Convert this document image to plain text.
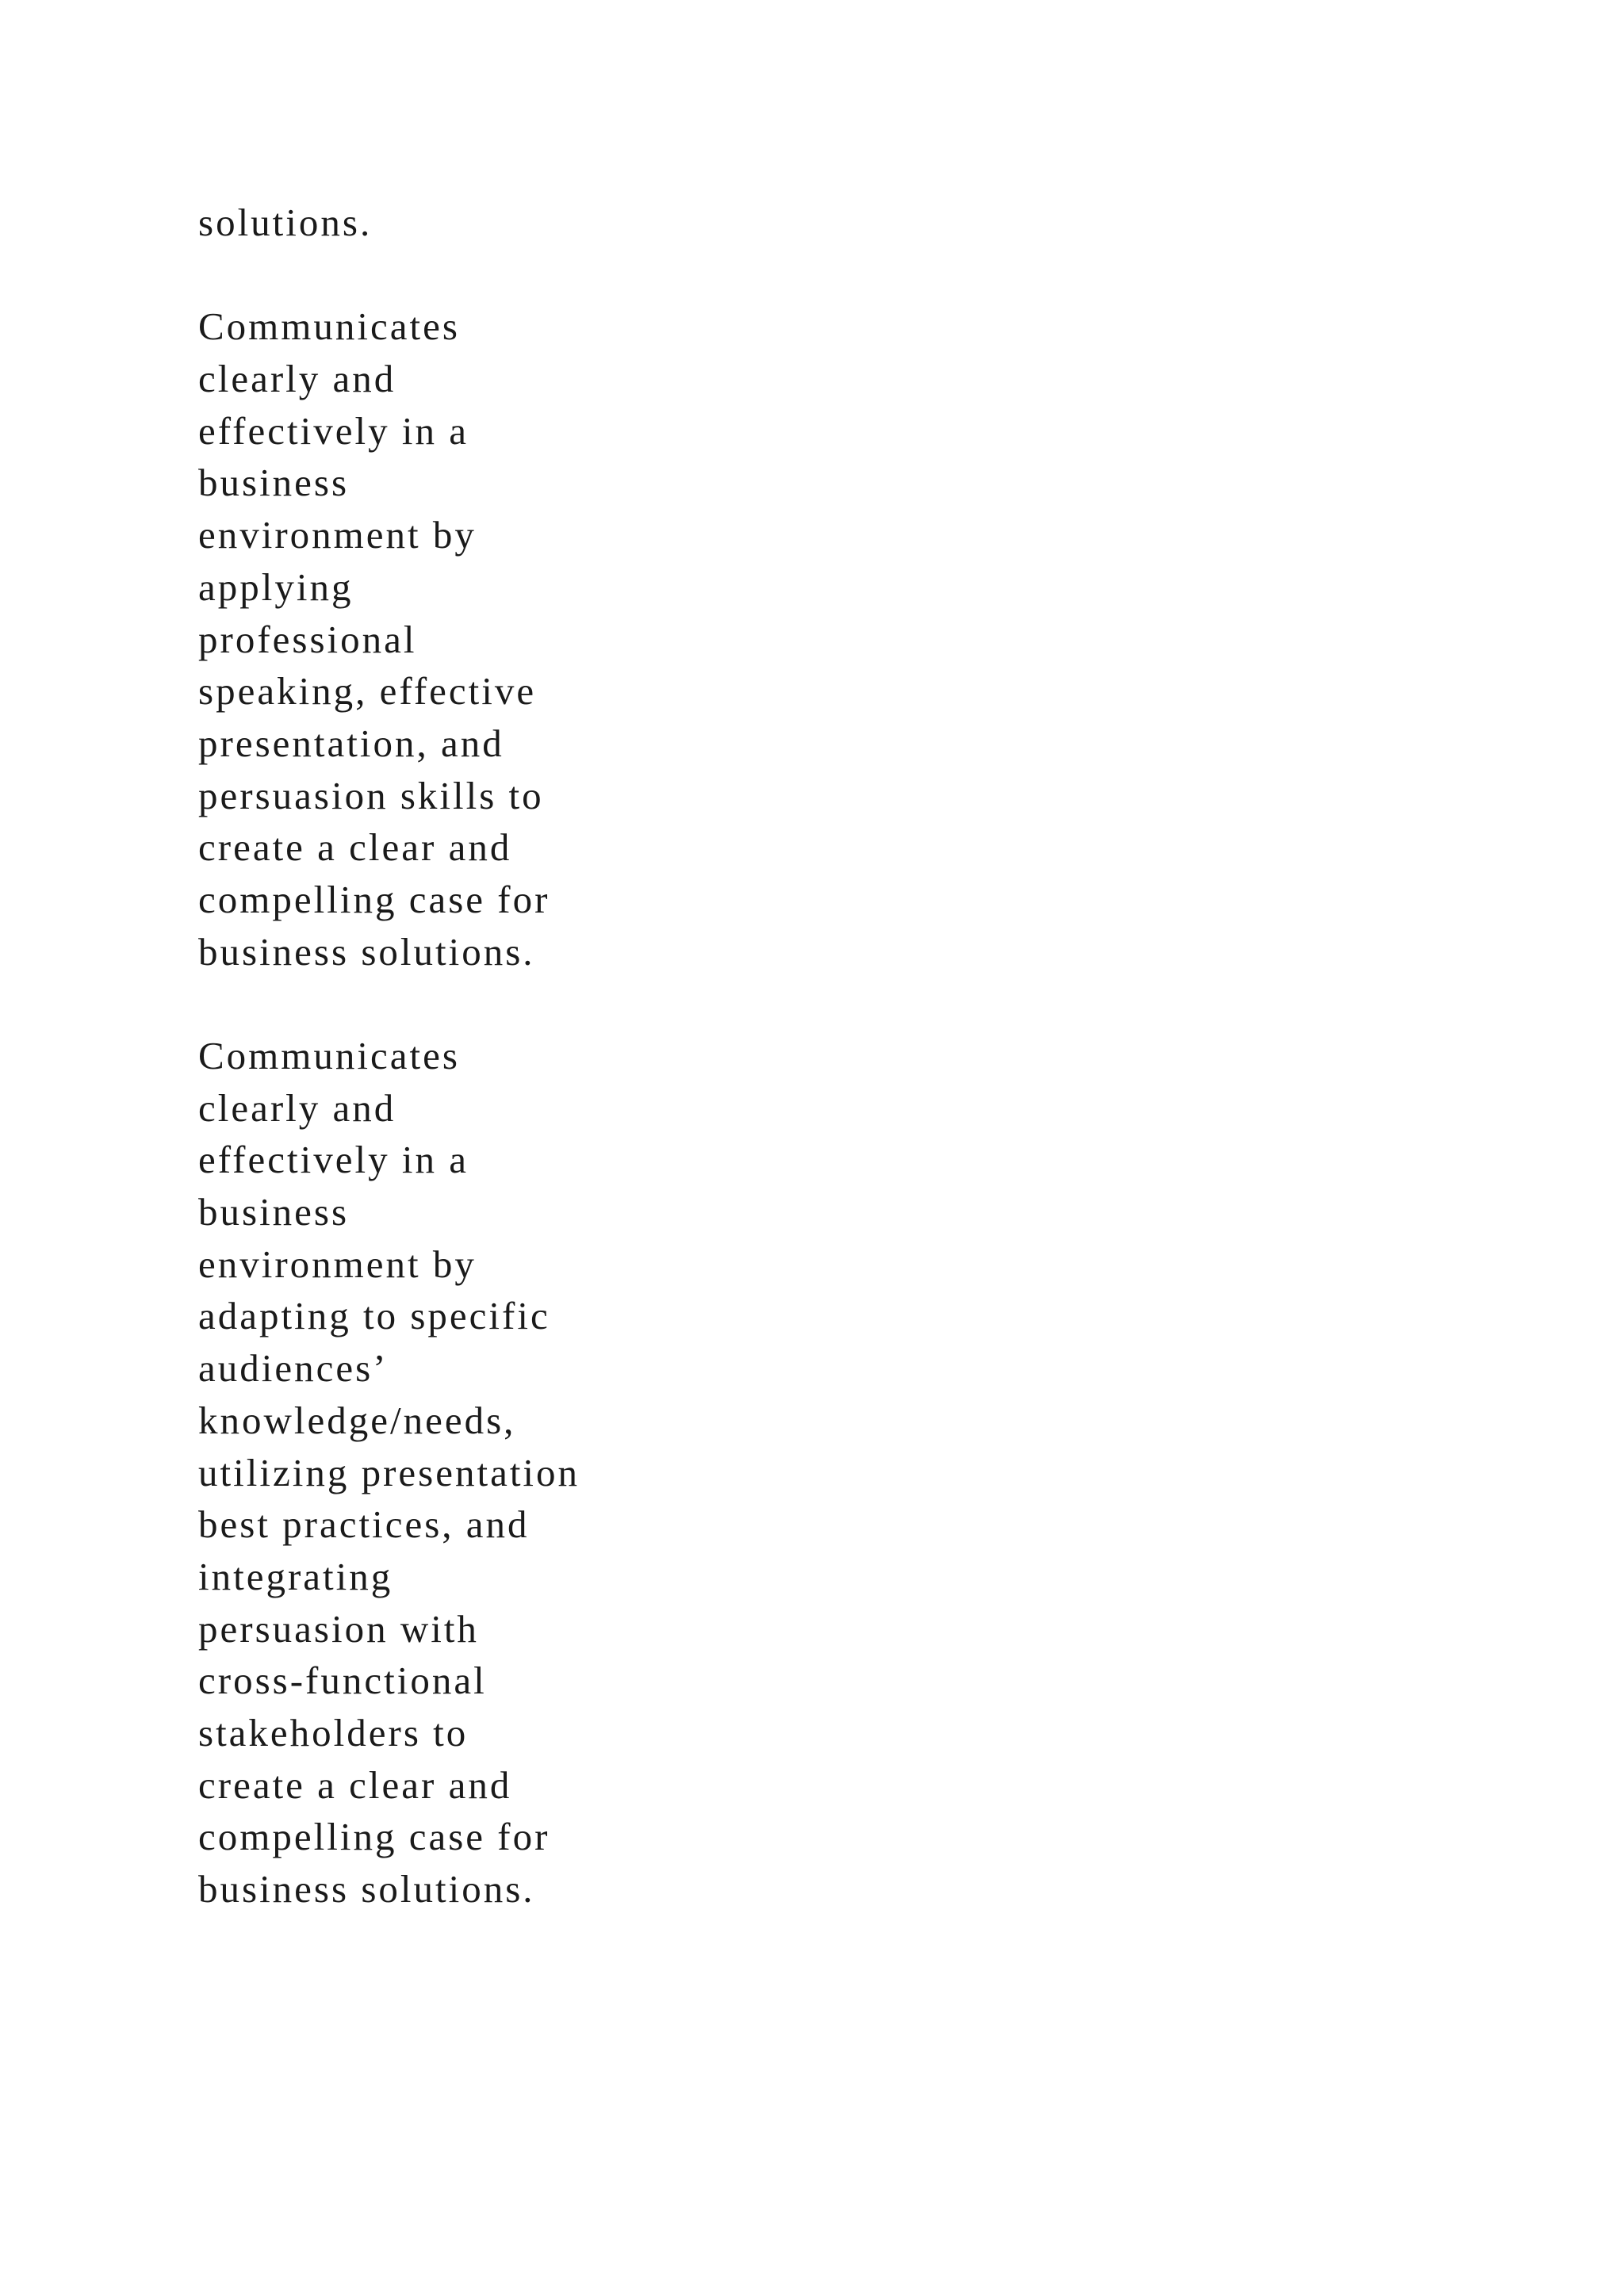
solutions.

Communicates
clearly and
effectively in a
business
environment by
applying
professional
speaking, effective
presentation, and
persuasion skills to
create a clear and
compelling case for
business solutions.

Communicates
clearly and
effectively in a
business
environment by
adapting to specific
audiences’
knowledge/needs,
utilizing presentation
best practices, and
integrating
persuasion with
cross-functional
stakeholders to
create a clear and
compelling case for
business solutions.
